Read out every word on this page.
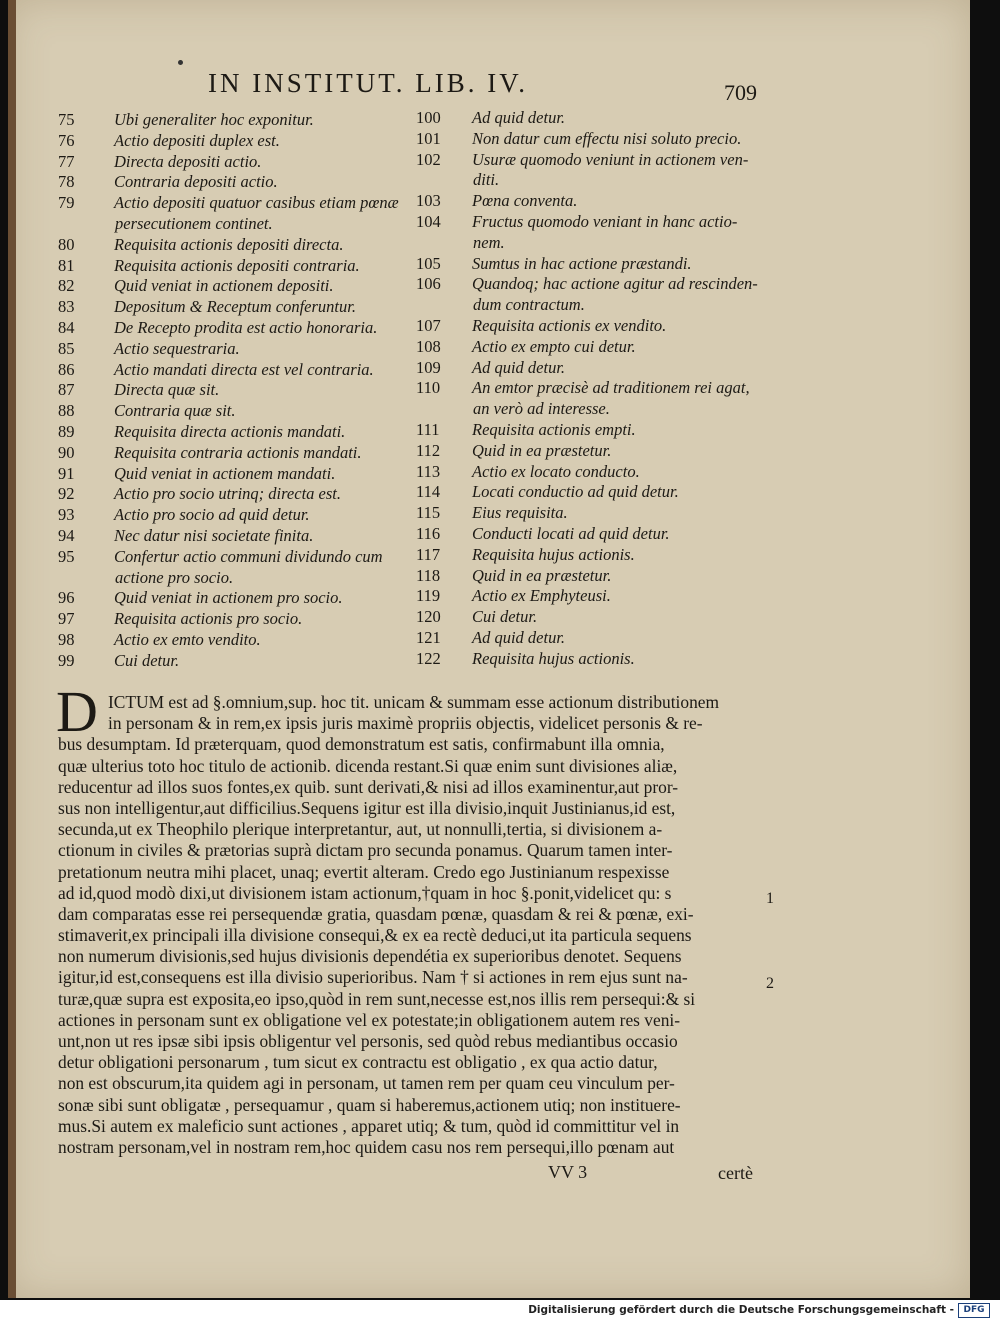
IN INSTITUT. LIB. IV.	709
75 Ubi generaliter hoc exponitur.
76 Actio depositi duplex est.
77 Directa depositi actio.
78 Contraria depositi actio.
79 Actio depositi quatuor casibus etiam pœnæ
persecutionem continet.
80 Requisita actionis depositi directa.
81 Requisita actionis depositi contraria.
82 Quid veniat in actionem depositi.
83 Depositum & Receptum conferuntur.
84 De Recepto prodita est actio honoraria.
85 Actio sequestraria.
86 Actio mandati directa est vel contraria.
87 Directa quæ sit.
88 Contraria quæ sit.
89 Requisita directa actionis mandati.
90 Requisita contraria actionis mandati.
91 Quid veniat in actionem mandati.
92 Actio pro socio utrinq; directa est.
93 Actio pro socio ad quid detur.
94 Nec datur nisi societate finita.
95 Confertur actio communi dividundo cum
actione pro socio.
96 Quid veniat in actionem pro socio.
97 Requisita actionis pro socio.
98 Actio ex emto vendito.
99 Cui detur.
100 Ad quid detur.
101 Non datur cum effectu nisi soluto precio.
102 Usuræ quomodo veniunt in actionem ven-
diti.
103 Pœna conventa.
104 Fructus quomodo veniant in hanc actio-
nem.
105 Sumtus in hac actione præstandi.
106 Quandoq; hac actione agitur ad rescinden-
dum contractum.
107 Requisita actionis ex vendito.
108 Actio ex empto cui detur.
109 Ad quid detur.
110 An emtor præcisè ad traditionem rei agat,
an verò ad interesse.
111 Requisita actionis empti.
112 Quid in ea præstetur.
113 Actio ex locato conducto.
114 Locati conductio ad quid detur.
115 Eius requisita.
116 Conducti locati ad quid detur.
117 Requisita hujus actionis.
118 Quid in ea præstetur.
119 Actio ex Emphyteusi.
120 Cui detur.
121 Ad quid detur.
122 Requisita hujus actionis.
D ICTUM est ad §.omnium,sup. hoc tit. unicam & summam esse actionum distributionem
in personam & in rem,ex ipsis juris maximè propriis objectis, videlicet personis & re-
bus desumptam. Id præterquam, quod demonstratum est satis, confirmabunt illa omnia,
quæ ulterius toto hoc titulo de actionib. dicenda restant.Si quæ enim sunt divisiones aliæ,
reducentur ad illos suos fontes,ex quib. sunt derivati,& nisi ad illos examinentur,aut pror-
sus non intelligentur,aut difficilius.Sequens igitur est illa divisio,inquit Justinianus,id est,
secunda,ut ex Theophilo plerique interpretantur, aut, ut nonnulli,tertia, si divisionem a-
ctionum in civiles & prætorias suprà dictam pro secunda ponamus. Quarum tamen inter-
pretationum neutra mihi placet, unaq; evertit alteram. Credo ego Justinianum respexisse
ad id,quod modò dixi,ut divisionem istam actionum,†quam in hoc §.ponit,videlicet qu: s
dam comparatas esse rei persequendæ gratia, quasdam pœnæ, quasdam & rei & pœnæ, exi-
stimaverit,ex principali illa divisione consequi,& ex ea rectè deduci,ut ita particula sequens
non numerum divisionis,sed hujus divisionis dependétia ex superioribus denotet. Sequens
igitur,id est,consequens est illa divisio superioribus. Nam † si actiones in rem ejus sunt na-
turæ,quæ supra est exposita,eo ipso,quòd in rem sunt,necesse est,nos illis rem persequi:& si
actiones in personam sunt ex obligatione vel ex potestate;in obligationem autem res veni-
unt,non ut res ipsæ sibi ipsis obligentur vel personis, sed quòd rebus mediantibus occasio
detur obligationi personarum , tum sicut ex contractu est obligatio , ex qua actio datur,
non est obscurum,ita quidem agi in personam, ut tamen rem per quam ceu vinculum per-
sonæ sibi sunt obligatæ , persequamur , quam si haberemus,actionem utiq; non instituere-
mus.Si autem ex maleficio sunt actiones , apparet utiq; & tum, quòd id committitur vel in
nostram personam,vel in nostram rem,hoc quidem casu nos rem persequi,illo pœnam aut
1
2
VV 3	certè
Digitalisierung gefördert durch die Deutsche Forschungsgemeinschaft -	DFG
